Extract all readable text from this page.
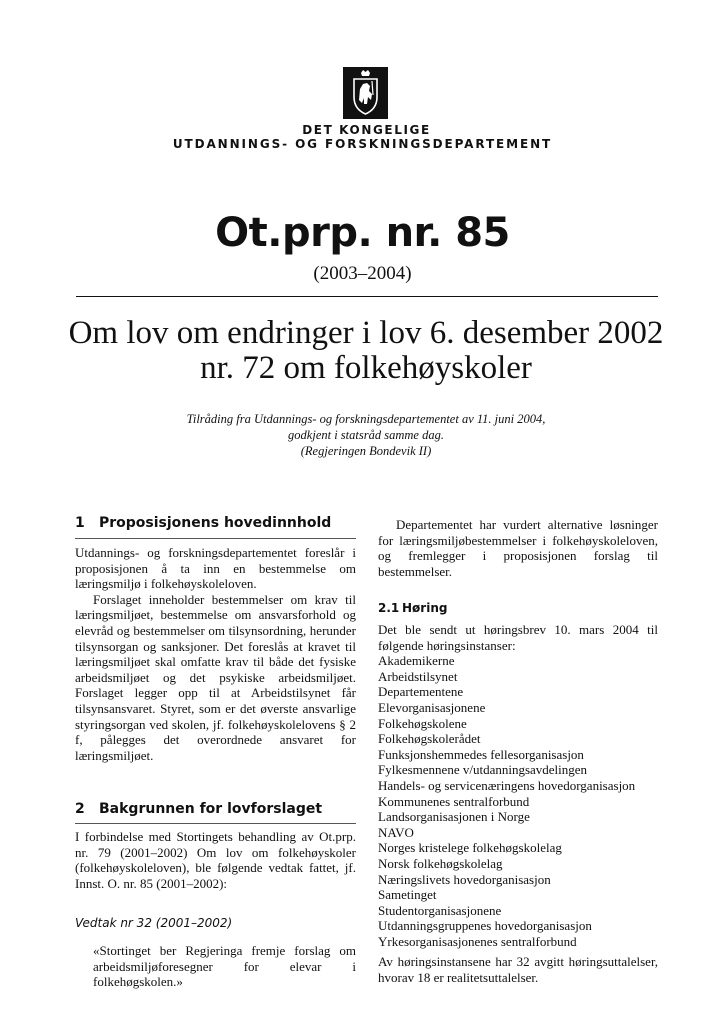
DET KONGELIGE
UTDANNINGS- OG FORSKNINGSDEPARTEMENT
Ot.prp. nr. 85
(2003–2004)
Om lov om endringer i lov 6. desember 2002 nr. 72 om folkehøyskoler
Tilråding fra Utdannings- og forskningsdepartementet av 11. juni 2004,
godkjent i statsråd samme dag.
(Regjeringen Bondevik II)
1 Proposisjonens hovedinnhold

Utdannings- og forskningsdepartementet foreslår i proposisjonen å ta inn en bestemmelse om læringsmiljø i folkehøyskoleloven.

Forslaget inneholder bestemmelser om krav til læringsmiljøet, bestemmelse om ansvarsforhold og elevråd og bestemmelser om tilsynsordning, herunder tilsynsorgan og sanksjoner. Det foreslås at kravet til læringsmiljøet skal omfatte krav til både det fysiske arbeidsmiljøet og det psykiske arbeidsmiljøet. Forslaget legger opp til at Arbeidstilsynet får tilsynsansvaret. Styret, som er det øverste ansvarlige styringsorgan ved skolen, jf. folkehøyskolelovens § 2 f, pålegges det overordnede ansvaret for læringsmiljøet.

2 Bakgrunnen for lovforslaget

I forbindelse med Stortingets behandling av Ot.prp. nr. 79 (2001–2002) Om lov om folkehøyskoler (folkehøyskoleloven), ble følgende vedtak fattet, jf. Innst. O. nr. 85 (2001–2002):

Vedtak nr 32 (2001–2002)
«Stortinget ber Regjeringa fremje forslag om arbeidsmiljøforesegner for elevar i folkehøgskolen.»

Departementet har vurdert alternative løsninger for læringsmiljøbestemmelser i folkehøyskoleloven, og fremlegger i proposisjonen forslag til bestemmelser.

2.1 Høring

Det ble sendt ut høringsbrev 10. mars 2004 til følgende høringsinstanser:

Akademikerne
Arbeidstilsynet
Departementene
Elevorganisasjonene
Folkehøgskolene
Folkehøgskolerådet
Funksjonshemmedes fellesorganisasjon
Fylkesmennene v/utdanningsavdelingen
Handels- og servicenæringens hovedorganisasjon
Kommunenes sentralforbund
Landsorganisasjonen i Norge
NAVO
Norges kristelege folkehøgskolelag
Norsk folkehøgskolelag
Næringslivets hovedorganisasjon
Sametinget
Studentorganisasjonene
Utdanningsgruppenes hovedorganisasjon
Yrkesorganisasjonenes sentralforbund

Av høringsinstansene har 32 avgitt høringsuttalelser, hvorav 18 er realitetsuttalelser.
